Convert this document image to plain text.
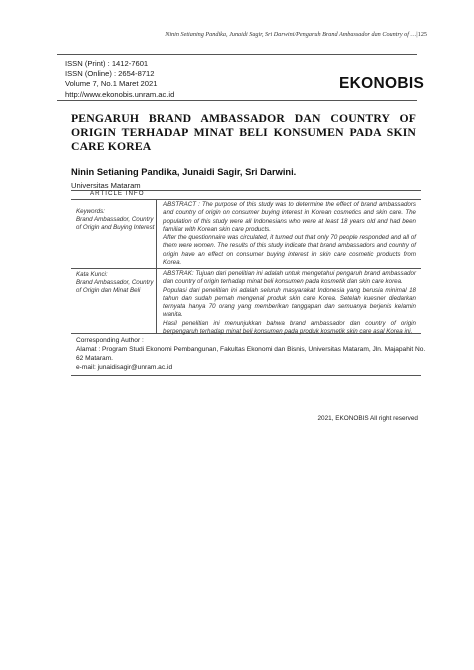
Ninin Setianing Pandika, Junaidi Sagir, Sri Darwini/Pengaruh Brand Ambassador dan Country of …|125
ISSN (Print) : 1412-7601
ISSN (Online) : 2654-8712
Volume 7, No.1 Maret 2021
http://www.ekonobis.unram.ac.id
EKONOBIS
PENGARUH BRAND AMBASSADOR DAN COUNTRY OF ORIGIN TERHADAP MINAT BELI KONSUMEN PADA SKIN CARE KOREA
Ninin Setianing Pandika, Junaidi Sagir, Sri Darwini.
Universitas Mataram
ARTICLE INFO
Keywords:
Brand Ambassador, Country of Origin and Buying Interest

ABSTRACT : The purpose of this study was to determine the effect of brand ambassadors and country of origin on consumer buying interest in Korean cosmetics and skin care. The population of this study were all Indonesians who were at least 18 years old and had been familiar with Korean skin care products.

After the questionnaire was circulated, it turned out that only 70 people responded and all of them were women. The results of this study indicate that brand ambassadors and country of origin have an effect on consumer buying interest in skin care cosmetic products from Korea.

Kata Kunci:
Brand Ambassador, Country of Origin dan Minat Beli

ABSTRAK: Tujuan dari penelitian ini adalah untuk mengetahui pengaruh brand ambassador dan country of origin terhadap minat beli konsumen pada kosmetik dan skin care korea.

Populasi dari penelitian ini adalah seluruh masyarakat Indonesia yang berusia minimal 18 tahun dan sudah pernah mengenal produk skin care Korea. Setelah kuesner diedarkan ternyata hanya 70 orang yang memberikan tanggapan dan semuanya berjenis kelamin wanita.

Hasil penelitian ini menunjukkan bahwa brand ambassador dan country of origin berpengaruh terhadap minat beli konsumen pada produk kosmetik skin care asal Korea ini.

Corresponding Author :
Alamat : Program Studi Ekonomi Pembangunan, Fakultas Ekonomi dan Bisnis, Universitas Mataram, Jln. Majapahit No. 62 Mataram.
e-mail: junaidisagir@unram.ac.id
2021, EKONOBIS All right reserved
